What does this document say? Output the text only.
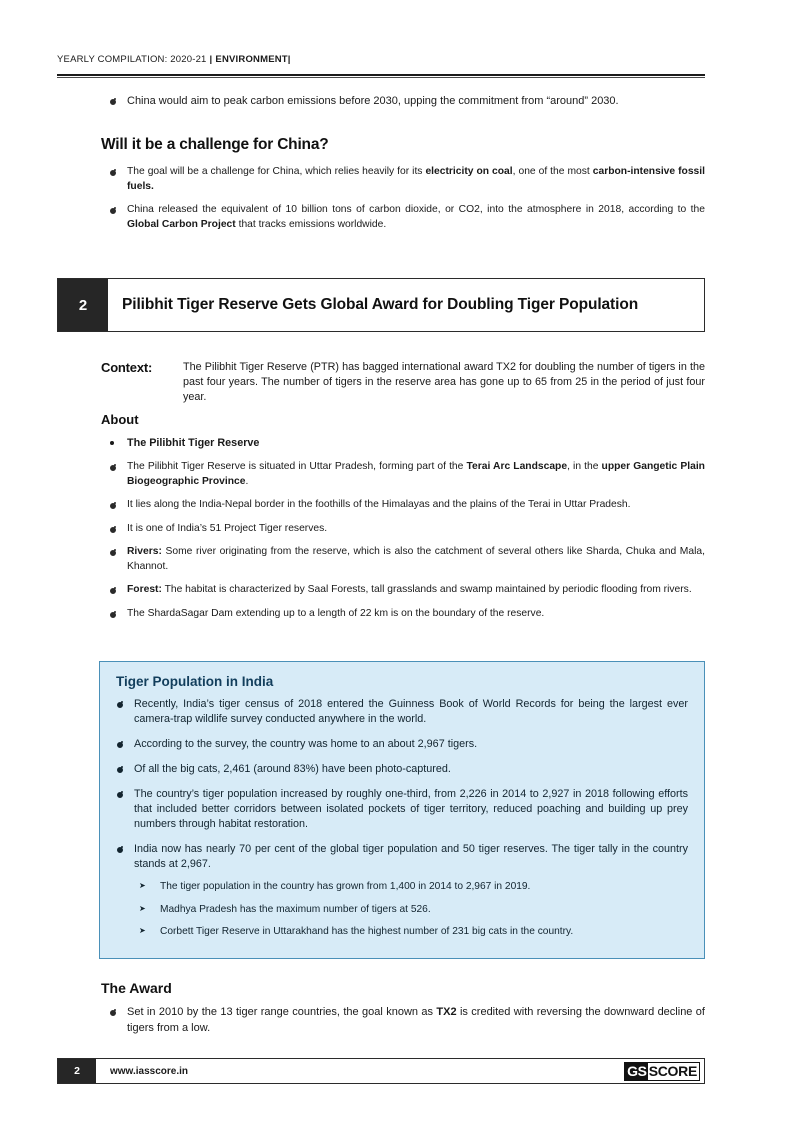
YEARLY COMPILATION: 2020-21 | ENVIRONMENT|
China would aim to peak carbon emissions before 2030, upping the commitment from “around” 2030.
Will it be a challenge for China?
The goal will be a challenge for China, which relies heavily for its electricity on coal, one of the most carbon-intensive fossil fuels.
China released the equivalent of 10 billion tons of carbon dioxide, or CO2, into the atmosphere in 2018, according to the Global Carbon Project that tracks emissions worldwide.
2	Pilibhit Tiger Reserve Gets Global Award for Doubling Tiger Population
Context:	The Pilibhit Tiger Reserve (PTR) has bagged international award TX2 for doubling the number of tigers in the past four years. The number of tigers in the reserve area has gone up to 65 from 25 in the period of just four year.
About
The Pilibhit Tiger Reserve
The Pilibhit Tiger Reserve is situated in Uttar Pradesh, forming part of the Terai Arc Landscape, in the upper Gangetic Plain Biogeographic Province.
It lies along the India-Nepal border in the foothills of the Himalayas and the plains of the Terai in Uttar Pradesh.
It is one of India’s 51 Project Tiger reserves.
Rivers: Some river originating from the reserve, which is also the catchment of several others like Sharda, Chuka and Mala, Khannot.
Forest: The habitat is characterized by Saal Forests, tall grasslands and swamp maintained by periodic flooding from rivers.
The ShardaSagar Dam extending up to a length of 22 km is on the boundary of the reserve.
Tiger Population in India
Recently, India’s tiger census of 2018 entered the Guinness Book of World Records for being the largest ever camera-trap wildlife survey conducted anywhere in the world.
According to the survey, the country was home to an about 2,967 tigers.
Of all the big cats, 2,461 (around 83%) have been photo-captured.
The country’s tiger population increased by roughly one-third, from 2,226 in 2014 to 2,927 in 2018 following efforts that included better corridors between isolated pockets of tiger territory, reduced poaching and building up prey numbers through habitat restoration.
India now has nearly 70 per cent of the global tiger population and 50 tiger reserves. The tiger tally in the country stands at 2,967.
➤ The tiger population in the country has grown from 1,400 in 2014 to 2,967 in 2019.
➤ Madhya Pradesh has the maximum number of tigers at 526.
➤ Corbett Tiger Reserve in Uttarakhand has the highest number of 231 big cats in the country.
The Award
Set in 2010 by the 13 tiger range countries, the goal known as TX2 is credited with reversing the downward decline of tigers from a low.
2	www.iasscore.in	GS SCORE
